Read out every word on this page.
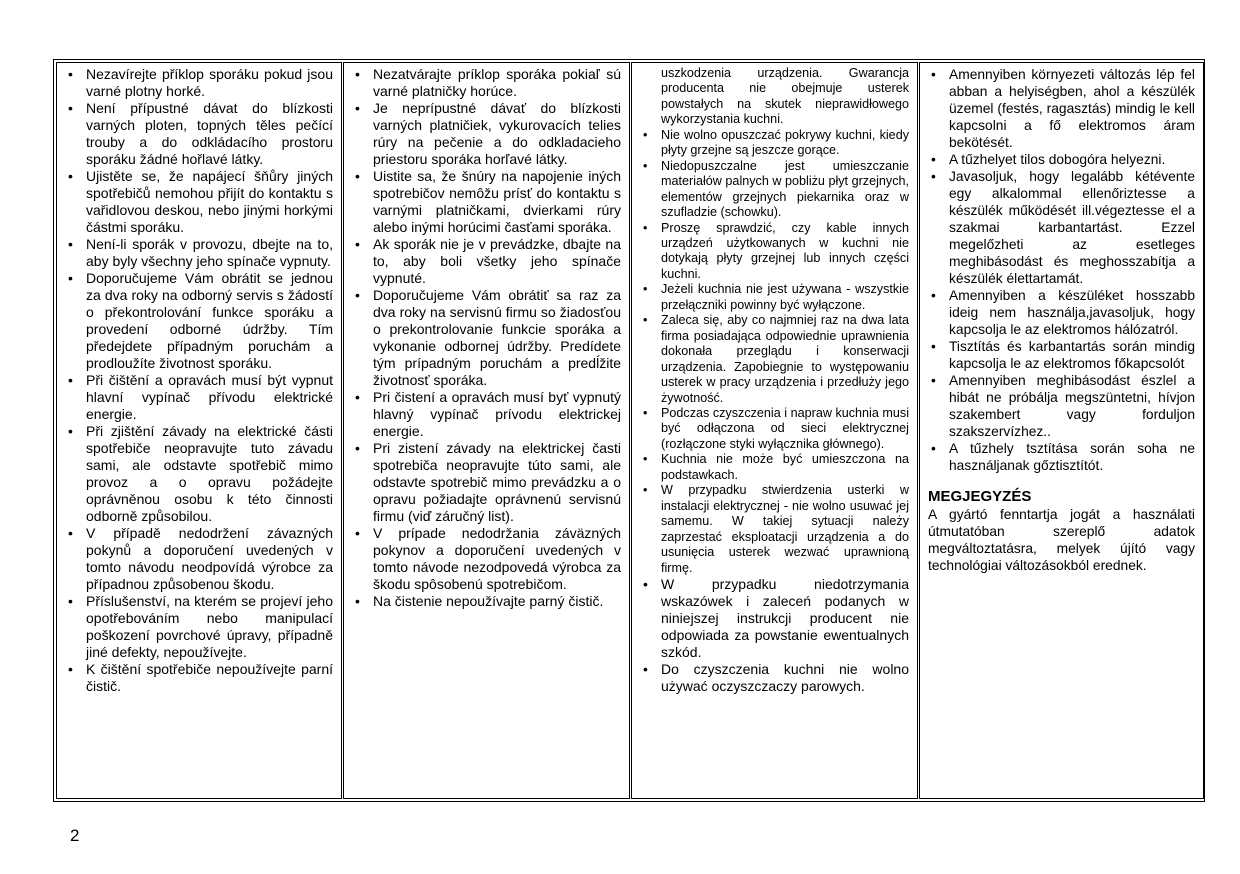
• Nezavírejte příklop sporáku pokud jsou varné plotny horké.
• Není přípustné dávat do blízkosti varných ploten, topných těles pečící trouby a do odkládacího prostoru sporáku žádné hořlavé látky.
• Ujistěte se, že napájecí šňůry jiných spotřebičů nemohou přijít do kontaktu s vařidlovou deskou, nebo jinými horkými částmi sporáku.
• Není-li sporák v provozu, dbejte na to, aby byly všechny jeho spínače vypnuty.
• Doporučujeme Vám obrátit se jednou za dva roky na odborný servis s žádostí o překontrolování funkce sporáku a provedení odborné údržby. Tím předejdete případným poruchám a prodloužíte životnost sporáku.
• Při čištění a opravách musí být vypnut hlavní vypínač přívodu elektrické energie.
• Při zjištění závady na elektrické části spotřebiče neopravujte tuto závadu sami, ale odstavte spotřebič mimo provoz a o opravu požádejte oprávněnou osobu k této činnosti odborně způsobilou.
• V případě nedodržení závazných pokynů a doporučení uvedených v tomto návodu neodpovídá výrobce za případnou způsobenou škodu.
• Příslušenství, na kterém se projeví jeho opotřebováním nebo manipulací poškození povrchové úpravy, případně jiné defekty, nepoužívejte.
• K čištění spotřebiče nepoužívejte parní čistič.
• Nezatvárajte príklop sporáka pokiaľ sú varné platničky horúce.
• Je neprípustné dávať do blízkosti varných platničiek, vykurovacích telies rúry na pečenie a do odkladacieho priestoru sporáka horľavé látky.
• Uistite sa, že šnúry na napojenie iných spotrebičov nemôžu prísť do kontaktu s varnými platničkami, dvierkami rúry alebo inými horúcimi časťami sporáka.
• Ak sporák nie je v prevádzke, dbajte na to, aby boli všetky jeho spínače vypnuté.
• Doporučujeme Vám obrátiť sa raz za dva roky na servisnú firmu so žiadosťou o prekontrolovanie funkcie sporáka a vykonanie odbornej údržby. Predídete tým prípadným poruchám a predĺžite životnosť sporáka.
• Pri čistení a opravách musí byť vypnutý hlavný vypínač prívodu elektrickej energie.
• Pri zistení závady na elektrickej časti spotrebiča neopravujte túto sami, ale odstavte spotrebič mimo prevádzku a o opravu požiadajte oprávnenú servisnú firmu (viď záručný list).
• V prípade nedodržania záväzných pokynov a doporučení uvedených v tomto návode nezodpovedá výrobca za škodu spôsobenú spotrebičom.
• Na čistenie nepoužívajte parný čistič.
uszkodzenia urządzenia. Gwarancja producenta nie obejmuje usterek powstałych na skutek nieprawidłowego wykorzystania kuchni.
• Nie wolno opuszczać pokrywy kuchni, kiedy płyty grzejne są jeszcze gorące.
• Niedopuszczalne jest umieszczanie materiałów palnych w pobliżu płyt grzejnych, elementów grzejnych piekarnika oraz w szufladzie (schowku).
• Proszę sprawdzić, czy kable innych urządzeń użytkowanych w kuchni nie dotykają płyty grzejnej lub innych części kuchni.
• Jeżeli kuchnia nie jest używana - wszystkie przełączniki powinny być wyłączone.
• Zaleca się, aby co najmniej raz na dwa lata firma posiadająca odpowiednie uprawnienia dokonała przeglądu i konserwacji urządzenia. Zapobiegnie to występowaniu usterek w pracy urządzenia i przedłuży jego żywotność.
• Podczas czyszczenia i napraw kuchnia musi być odłączona od sieci elektrycznej (rozłączone styki wyłącznika głównego).
• Kuchnia nie może być umieszczona na podstawkach.
• W przypadku stwierdzenia usterki w instalacji elektrycznej - nie wolno usuwać jej samemu. W takiej sytuacji należy zaprzestać eksploatacji urządzenia a do usunięcia usterek wezwać uprawnioną firmę.
• W przypadku niedotrzymania wskazówek i zaleceń podanych w niniejszej instrukcji producent nie odpowiada za powstanie ewentualnych szkód.
• Do czyszczenia kuchni nie wolno używać oczyszczaczy parowych.
• Amennyiben környezeti változás lép fel abban a helyiségben, ahol a készülék üzemel (festés, ragasztás) mindig le kell kapcsolni a fő elektromos áram bekötését.
• A tűzhelyet tilos dobogóra helyezni.
• Javasoljuk, hogy legalább kétévente egy alkalommal ellenőriztesse a készülék működését ill.végeztesse el a szakmai karbantartást. Ezzel megelőzheti az esetleges meghibásodást és meghosszabítja a készülék élettartamát.
• Amennyiben a készüléket hosszabb ideig nem használja,javasoljuk, hogy kapcsolja le az elektromos hálózatról.
• Tisztítás és karbantartás során mindig kapcsolja le az elektromos főkapcsolót
• Amennyiben meghibásodást észlel a hibát ne próbálja megszüntetni, hívjon szakembert vagy forduljon szakszervízhez..
• A tűzhely tsztítása során soha ne használjanak gőztisztítót.
MEGJEGYZÉS
A gyártó fenntartja jogát a használati útmutatóban szereplő adatok megváltoztatásra, melyek újító vagy technológiai változásokból erednek.
2
